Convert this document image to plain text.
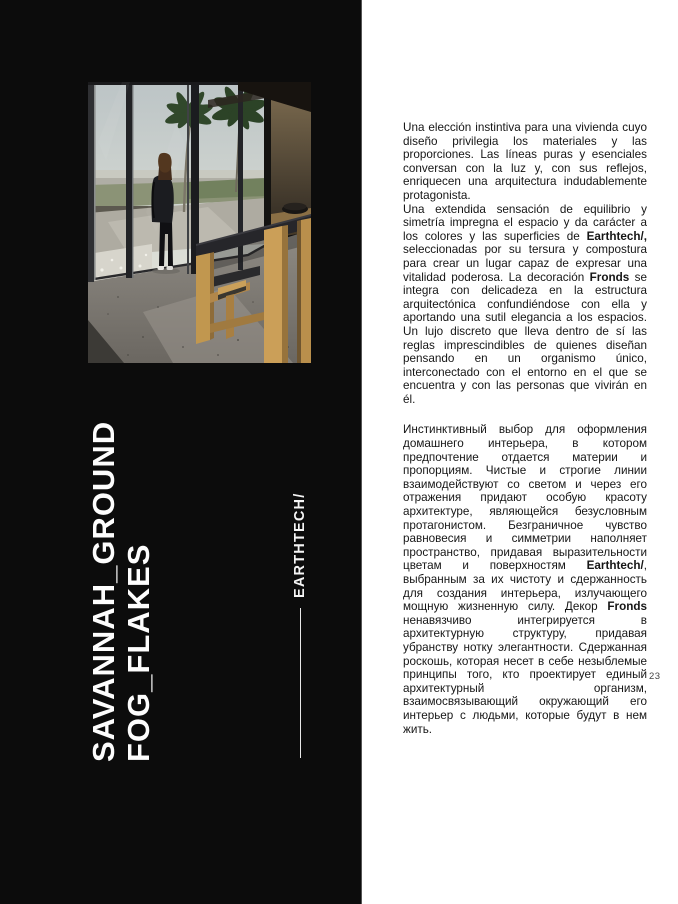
SAVANNAH_GROUND FOG_FLAKES	EARTHTECH/

Una elección instintiva para una vivienda cuyo diseño privilegia los materiales y las proporciones. Las líneas puras y esenciales conversan con la luz y, con sus reflejos, enriquecen una arquitectura indudablemente protagonista.

Una extendida sensación de equilibrio y simetría impregna el espacio y da carácter a los colores y las superficies de Earthtech/, seleccionadas por su tersura y compostura para crear un lugar capaz de expresar una vitalidad poderosa. La decoración Fronds se integra con delicadeza en la estructura arquitectónica confundiéndose con ella y aportando una sutil elegancia a los espacios. Un lujo discreto que lleva dentro de sí las reglas imprescindibles de quienes diseñan pensando en un organismo único, interconectado con el entorno en el que se encuentra y con las personas que vivirán en él.

Инстинктивный выбор для оформления домашнего интерьера, в котором предпочтение отдается материи и пропорциям. Чистые и строгие линии взаимодействуют со светом и через его отражения придают особую красоту архитектуре, являющейся безусловным протагонистом. Безграничное чувство равновесия и симметрии наполняет пространство, придавая выразительности цветам и поверхностям Earthtech/, выбранным за их чистоту и сдержанность для создания интерьера, излучающего мощную жизненную силу. Декор Fronds ненавязчиво интегрируется в архитектурную структуру, придавая убранству нотку элегантности. Сдержанная роскошь, которая несет в себе незыблемые принципы того, кто проектирует единый архитектурный организм, взаимосвязывающий окружающий его интерьер с людьми, которые будут в нем жить.

23
